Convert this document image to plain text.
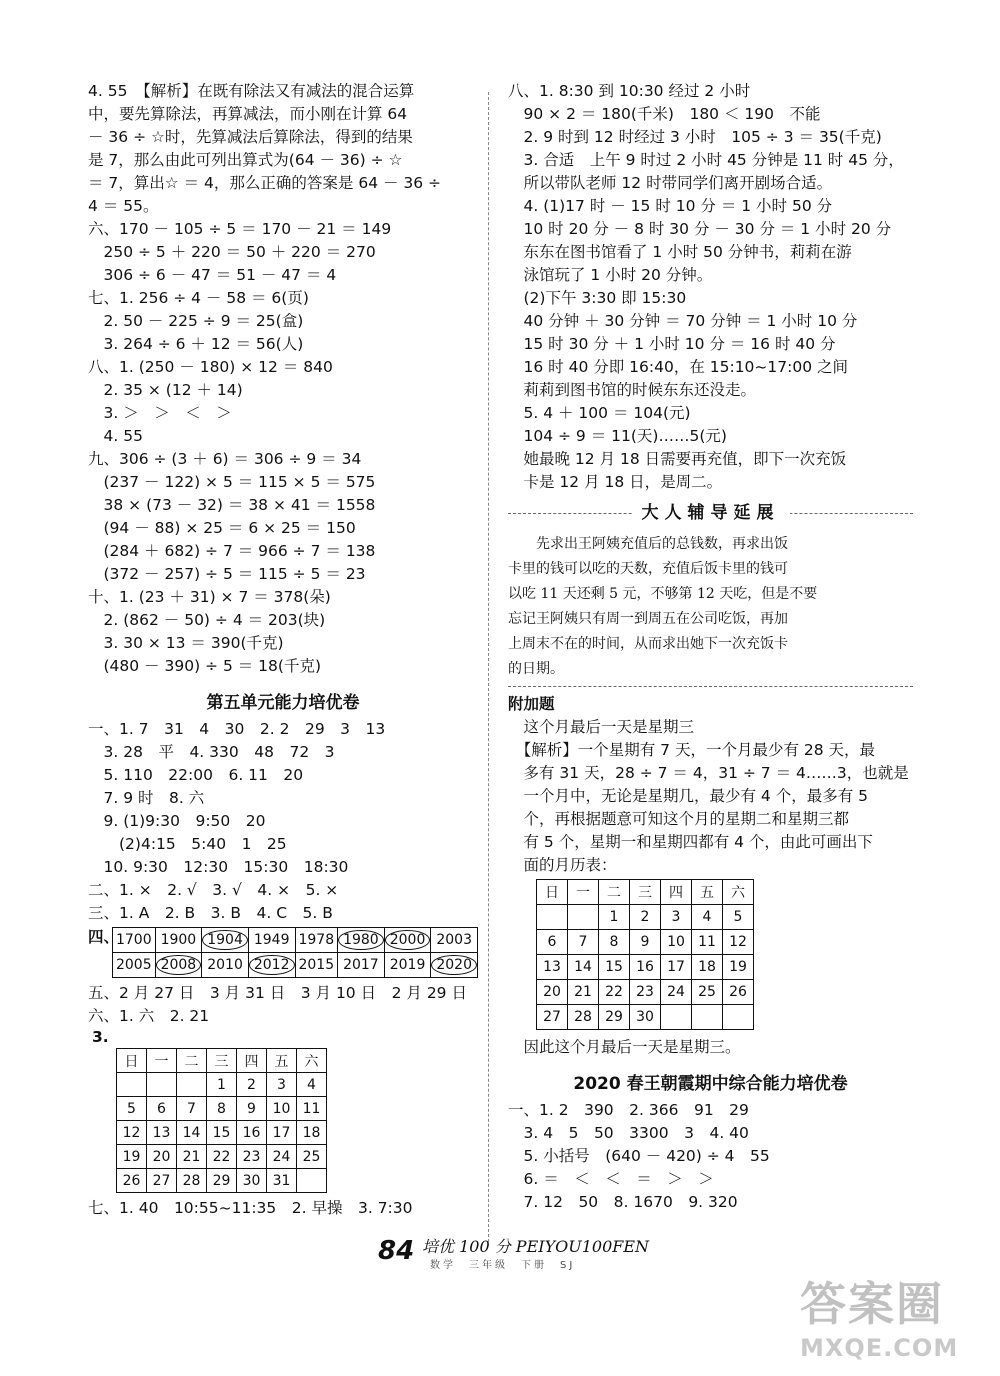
4. 55　【解析】在既有除法又有减法的混合运算
中，要先算除法，再算减法，而小刚在计算 64
－ 36 ÷ ☆时，先算减法后算除法，得到的结果
是 7，那么由此可列出算式为(64 － 36) ÷ ☆
＝ 7，算出☆ ＝ 4，那么正确的答案是 64 － 36 ÷
4 ＝ 55。
六、170 － 105 ÷ 5 ＝ 170 － 21 ＝ 149
　250 ÷ 5 ＋ 220 ＝ 50 ＋ 220 ＝ 270
　306 ÷ 6 － 47 ＝ 51 － 47 ＝ 4
七、1. 256 ÷ 4 － 58 ＝ 6(页)
　2. 50 － 225 ÷ 9 ＝ 25(盒)
　3. 264 ÷ 6 ＋ 12 ＝ 56(人)
八、1. (250 － 180) × 12 ＝ 840
　2. 35 × (12 ＋ 14)
　3. ＞　＞　＜　＞
　4. 55
九、306 ÷ (3 ＋ 6) ＝ 306 ÷ 9 ＝ 34
　(237 － 122) × 5 ＝ 115 × 5 ＝ 575
　38 × (73 － 32) ＝ 38 × 41 ＝ 1558
　(94 － 88) × 25 ＝ 6 × 25 ＝ 150
　(284 ＋ 682) ÷ 7 ＝ 966 ÷ 7 ＝ 138
　(372 － 257) ÷ 5 ＝ 115 ÷ 5 ＝ 23
十、1. (23 ＋ 31) × 7 ＝ 378(朵)
　2. (862 － 50) ÷ 4 ＝ 203(块)
　3. 30 × 13 ＝ 390(千克)
　(480 － 390) ÷ 5 ＝ 18(千克)
第五单元能力培优卷
一、1. 7　31　4　30　2. 2　29　3　13
　3. 28　平　4. 330　48　72　3
　5. 110　22:00　6. 11　20
　7. 9 时　8. 六
　9. (1)9:30　9:50　20
　　(2)4:15　5:40　1　25
　10. 9:30　12:30　15:30　18:30
二、1. ×　2. √　3. √　4. ×　5. ×
三、1. A　2. B　3. B　4. C　5. B
四、
1700	1900	1904	1949	1978	1980	2000	2003
2005	2008	2010	2012	2015	2017	2019	2020
五、2 月 27 日　3 月 31 日　3 月 10 日　2 月 29 日
六、1. 六　2. 21
3.
日	一	二	三	四	五	六
			1	2	3	4
5	6	7	8	9	10	11
12	13	14	15	16	17	18
19	20	21	22	23	24	25
26	27	28	29	30	31	
七、1. 40　10:55~11:35　2. 早操　3. 7:30
八、1. 8:30 到 10:30 经过 2 小时
　90 × 2 ＝ 180(千米)　180 ＜ 190　不能
　2. 9 时到 12 时经过 3 小时　105 ÷ 3 ＝ 35(千克)
　3. 合适　上午 9 时过 2 小时 45 分钟是 11 时 45 分，
　所以带队老师 12 时带同学们离开剧场合适。
　4. (1)17 时 － 15 时 10 分 ＝ 1 小时 50 分
　10 时 20 分 － 8 时 30 分 － 30 分 ＝ 1 小时 20 分
　东东在图书馆看了 1 小时 50 分钟书，莉莉在游
　泳馆玩了 1 小时 20 分钟。
　(2)下午 3:30 即 15:30
　40 分钟 ＋ 30 分钟 ＝ 70 分钟 ＝ 1 小时 10 分
　15 时 30 分 ＋ 1 小时 10 分 ＝ 16 时 40 分
　16 时 40 分即 16:40，在 15:10~17:00 之间
　莉莉到图书馆的时候东东还没走。
　5. 4 ＋ 100 ＝ 104(元)
　104 ÷ 9 ＝ 11(天)……5(元)
　她最晚 12 月 18 日需要再充值，即下一次充饭
　卡是 12 月 18 日，是周二。
大人辅导延展
　　先求出王阿姨充值后的总钱数，再求出饭
卡里的钱可以吃的天数，充值后饭卡里的钱可
以吃 11 天还剩 5 元，不够第 12 天吃，但是不要
忘记王阿姨只有周一到周五在公司吃饭，再加
上周末不在的时间，从而求出她下一次充饭卡
的日期。
附加题
　这个月最后一天是星期三
　【解析】一个星期有 7 天，一个月最少有 28 天，最
　多有 31 天，28 ÷ 7 ＝ 4，31 ÷ 7 ＝ 4……3，也就是
　一个月中，无论是星期几，最少有 4 个，最多有 5
　个，再根据题意可知这个月的星期二和星期三都
　有 5 个，星期一和星期四都有 4 个，由此可画出下
　面的月历表：
日	一	二	三	四	五	六
		1	2	3	4	5
6	7	8	9	10	11	12
13	14	15	16	17	18	19
20	21	22	23	24	25	26
27	28	29	30			
　因此这个月最后一天是星期三。
2020 春王朝霞期中综合能力培优卷
一、1. 2　390　2. 366　91　29
　3. 4　5　50　3300　3　4. 40
　5. 小括号　(640 － 420) ÷ 4　55
　6. ＝　＜　＜　＝　＞　＞
　7. 12　50　8. 1670　9. 320
84 培优 100 分 PEIYOU100FEN
数学　三年级　下册　SJ
答案圈
MXQE.COM
